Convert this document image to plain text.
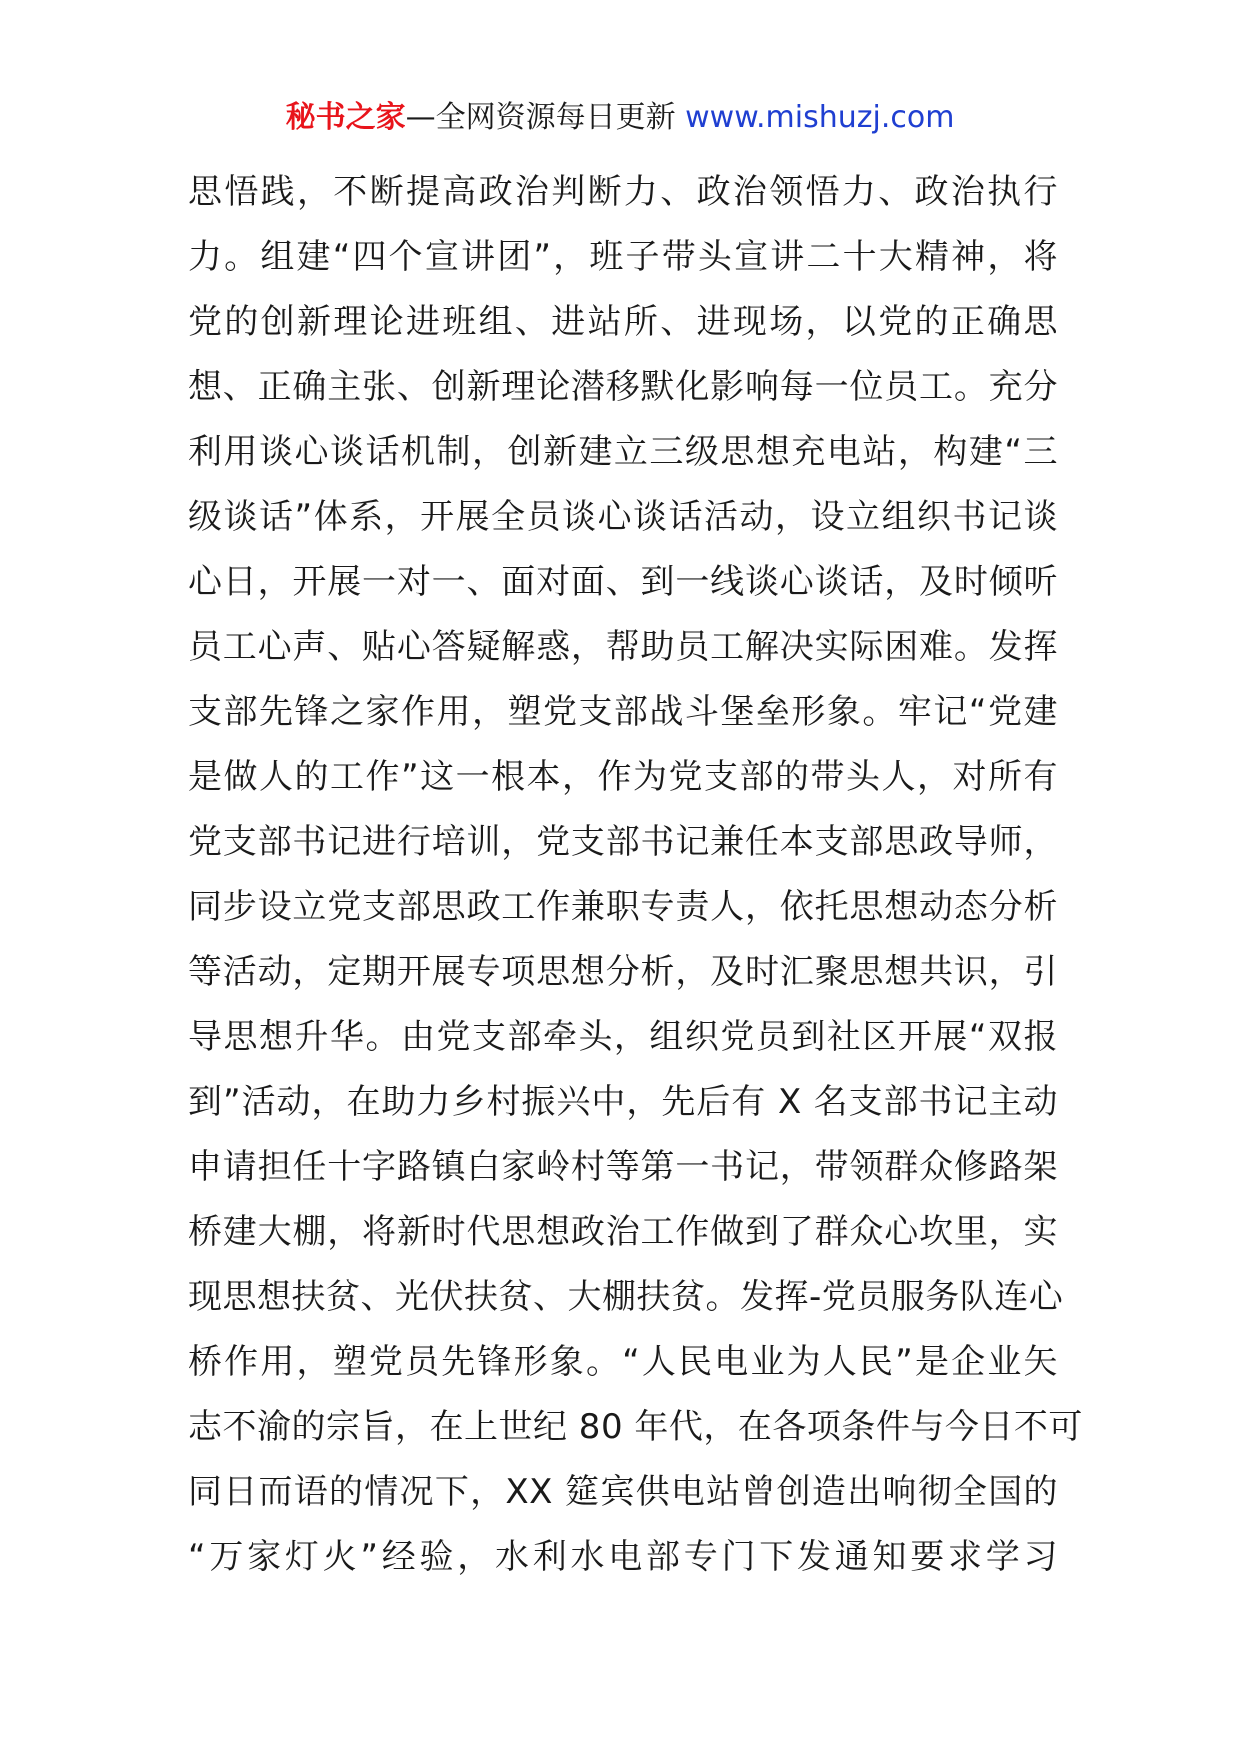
秘书之家—全网资源每日更新 www.mishuzj.com
思悟践，不断提高政治判断力、政治领悟力、政治执行
力。组建“四个宣讲团”，班子带头宣讲二十大精神，将
党的创新理论进班组、进站所、进现场，以党的正确思
想、正确主张、创新理论潜移默化影响每一位员工。充分
利用谈心谈话机制，创新建立三级思想充电站，构建“三
级谈话”体系，开展全员谈心谈话活动，设立组织书记谈
心日，开展一对一、面对面、到一线谈心谈话，及时倾听
员工心声、贴心答疑解惑，帮助员工解决实际困难。发挥
支部先锋之家作用，塑党支部战斗堡垒形象。牢记“党建
是做人的工作”这一根本，作为党支部的带头人，对所有
党支部书记进行培训，党支部书记兼任本支部思政导师，
同步设立党支部思政工作兼职专责人，依托思想动态分析
等活动，定期开展专项思想分析，及时汇聚思想共识，引
导思想升华。由党支部牵头，组织党员到社区开展“双报
到”活动，在助力乡村振兴中，先后有 X 名支部书记主动
申请担任十字路镇白家岭村等第一书记，带领群众修路架
桥建大棚，将新时代思想政治工作做到了群众心坎里，实
现思想扶贫、光伏扶贫、大棚扶贫。发挥-党员服务队连心
桥作用，塑党员先锋形象。“人民电业为人民”是企业矢
志不渝的宗旨，在上世纪 80 年代，在各项条件与今日不可
同日而语的情况下，XX 筵宾供电站曾创造出响彻全国的
“万家灯火”经验，水利水电部专门下发通知要求学习
